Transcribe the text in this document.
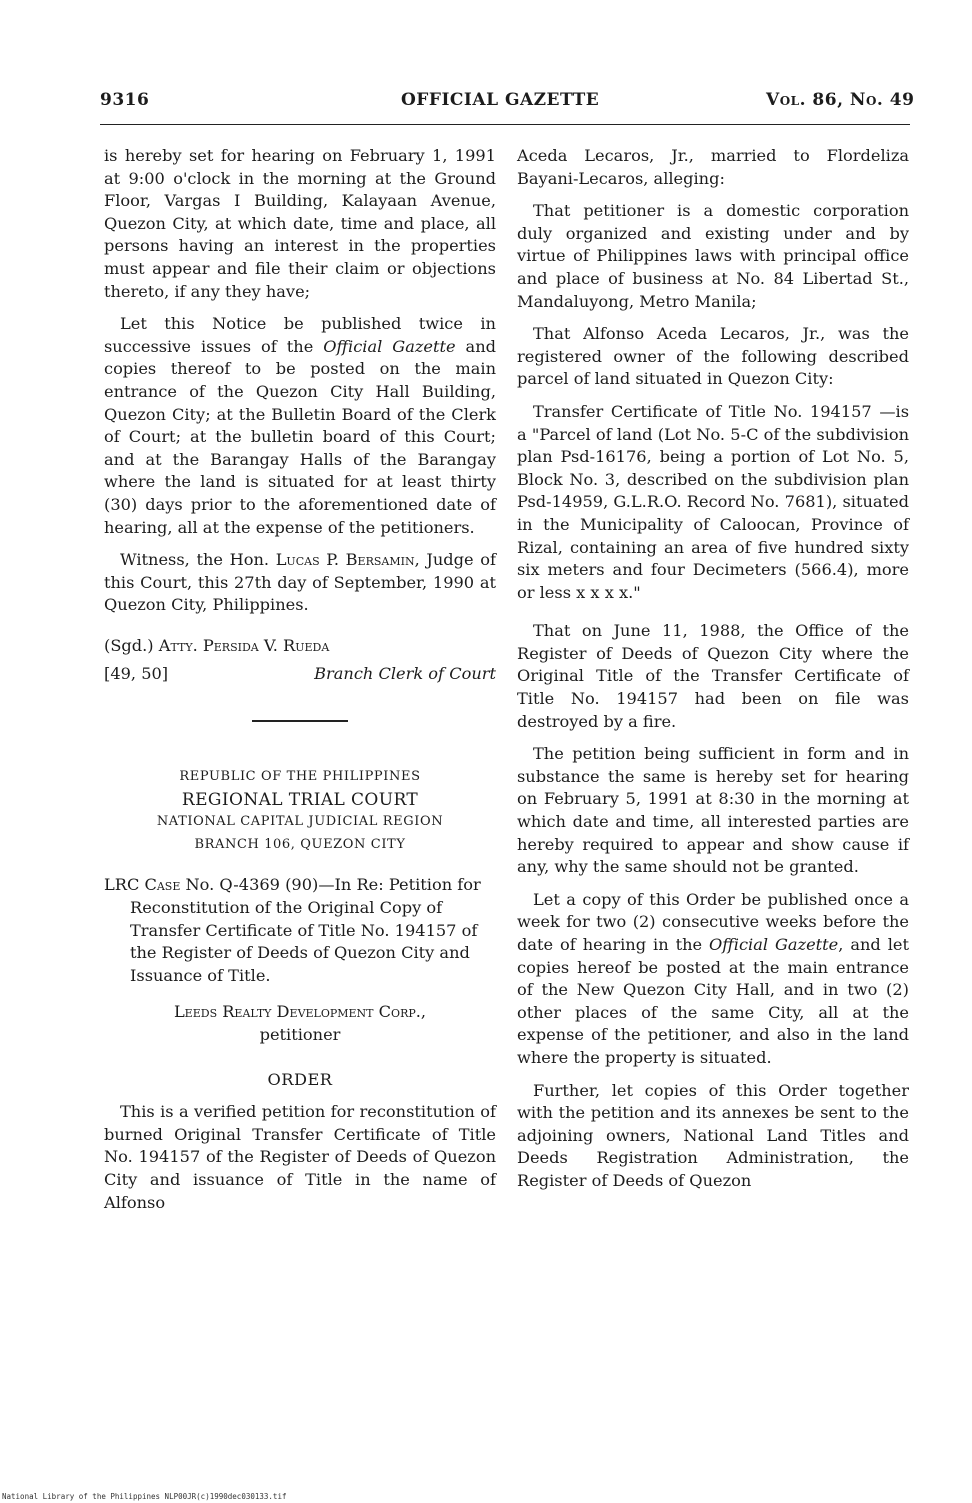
9316	OFFICIAL GAZETTE	Vol. 86, No. 49

is hereby set for hearing on February 1, 1991 at 9:00 o'clock in the morning at the Ground Floor, Vargas I Building, Kalayaan Avenue, Quezon City, at which date, time and place, all persons having an interest in the properties must appear and file their claim or objections thereto, if any they have;

Let this Notice be published twice in successive issues of the Official Gazette and copies thereof to be posted on the main entrance of the Quezon City Hall Building, Quezon City; at the Bulletin Board of the Clerk of Court; at the bulletin board of this Court; and at the Barangay Halls of the Barangay where the land is situated for at least thirty (30) days prior to the aforementioned date of hearing, all at the expense of the petitioners.

Witness, the Hon. Lucas P. Bersamin, Judge of this Court, this 27th day of September, 1990 at Quezon City, Philippines.

(Sgd.) Atty. Persida V. Rueda
[49, 50]	Branch Clerk of Court
REPUBLIC OF THE PHILIPPINES
REGIONAL TRIAL COURT
NATIONAL CAPITAL JUDICIAL REGION
BRANCH 106, QUEZON CITY

LRC Case No. Q-4369 (90)—In Re: Petition for Reconstitution of the Original Copy of Transfer Certificate of Title No. 194157 of the Register of Deeds of Quezon City and Issuance of Title.

Leeds Realty Development Corp.,
petitioner
ORDER

This is a verified petition for reconstitution of burned Original Transfer Certificate of Title No. 194157 of the Register of Deeds of Quezon City and issuance of Title in the name of Alfonso

Aceda Lecaros, Jr., married to Flordeliza Bayani-Lecaros, alleging:

That petitioner is a domestic corporation duly organized and existing under and by virtue of Philippines laws with principal office and place of business at No. 84 Libertad St., Mandaluyong, Metro Manila;

That Alfonso Aceda Lecaros, Jr., was the registered owner of the following described parcel of land situated in Quezon City:

Transfer Certificate of Title No. 194157 —is a "Parcel of land (Lot No. 5-C of the subdivision plan Psd-16176, being a portion of Lot No. 5, Block No. 3, described on the subdivision plan Psd-14959, G.L.R.O. Record No. 7681), situated in the Municipality of Caloocan, Province of Rizal, containing an area of five hundred sixty six meters and four Decimeters (566.4), more or less x x x x."

That on June 11, 1988, the Office of the Register of Deeds of Quezon City where the Original Title of the Transfer Certificate of Title No. 194157 had been on file was destroyed by a fire.

The petition being sufficient in form and in substance the same is hereby set for hearing on February 5, 1991 at 8:30 in the morning at which date and time, all interested parties are hereby required to appear and show cause if any, why the same should not be granted.

Let a copy of this Order be published once a week for two (2) consecutive weeks before the date of hearing in the Official Gazette, and let copies hereof be posted at the main entrance of the New Quezon City Hall, and in two (2) other places of the same City, all at the expense of the petitioner, and also in the land where the property is situated.

Further, let copies of this Order together with the petition and its annexes be sent to the adjoining owners, National Land Titles and Deeds Registration Administration, the Register of Deeds of Quezon

National Library of the Philippines NLP00JR(c)1990dec030133.tif
